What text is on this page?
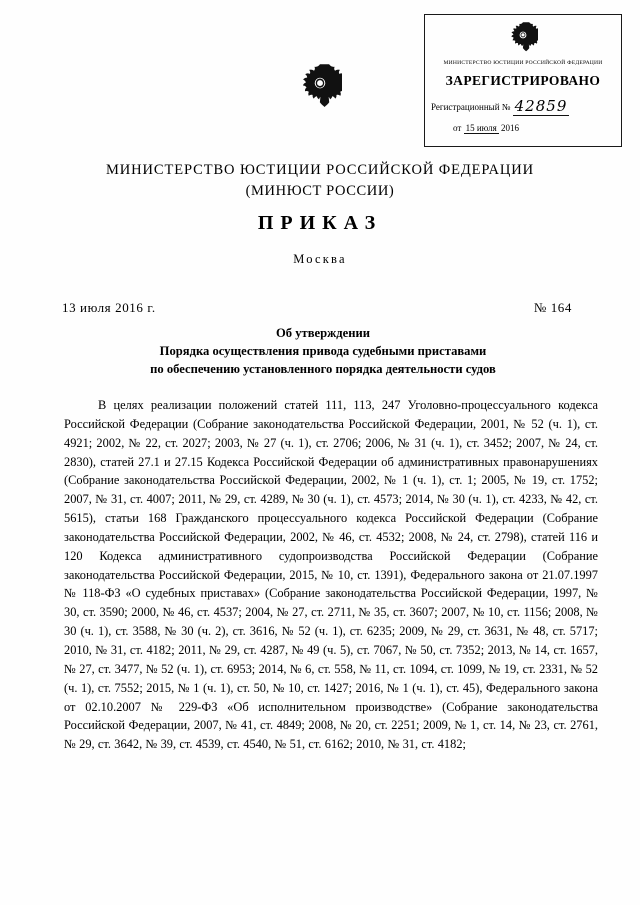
МИНИСТЕРСТВО ЮСТИЦИИ РОССИЙСКОЙ ФЕДЕРАЦИИ
ЗАРЕГИСТРИРОВАНО
Регистрационный № 42859
от 15 июля 2016
МИНИСТЕРСТВО ЮСТИЦИИ РОССИЙСКОЙ ФЕДЕРАЦИИ
(МИНЮСТ РОССИИ)
ПРИКАЗ
Москва
13 июля 2016 г.	№ 164
Об утверждении
Порядка осуществления привода судебными приставами
по обеспечению установленного порядка деятельности судов

В целях реализации положений статей 111, 113, 247 Уголовно-процессуального кодекса Российской Федерации (Собрание законодательства Российской Федерации, 2001, № 52 (ч. 1), ст. 4921; 2002, № 22, ст. 2027; 2003, № 27 (ч. 1), ст. 2706; 2006, № 31 (ч. 1), ст. 3452; 2007, № 24, ст. 2830), статей 27.1 и 27.15 Кодекса Российской Федерации об административных правонарушениях (Собрание законодательства Российской Федерации, 2002, № 1 (ч. 1), ст. 1; 2005, № 19, ст. 1752; 2007, № 31, ст. 4007; 2011, № 29, ст. 4289, № 30 (ч. 1), ст. 4573; 2014, № 30 (ч. 1), ст. 4233, № 42, ст. 5615), статьи 168 Гражданского процессуального кодекса Российской Федерации (Собрание законодательства Российской Федерации, 2002, № 46, ст. 4532; 2008, № 24, ст. 2798), статей 116 и 120 Кодекса административного судопроизводства Российской Федерации (Собрание законодательства Российской Федерации, 2015, № 10, ст. 1391), Федерального закона от 21.07.1997 № 118-ФЗ «О судебных приставах» (Собрание законодательства Российской Федерации, 1997, № 30, ст. 3590; 2000, № 46, ст. 4537; 2004, № 27, ст. 2711, № 35, ст. 3607; 2007, № 10, ст. 1156; 2008, № 30 (ч. 1), ст. 3588, № 30 (ч. 2), ст. 3616, № 52 (ч. 1), ст. 6235; 2009, № 29, ст. 3631, № 48, ст. 5717; 2010, № 31, ст. 4182; 2011, № 29, ст. 4287, № 49 (ч. 5), ст. 7067, № 50, ст. 7352; 2013, № 14, ст. 1657, № 27, ст. 3477, № 52 (ч. 1), ст. 6953; 2014, № 6, ст. 558, № 11, ст. 1094, ст. 1099, № 19, ст. 2331, № 52 (ч. 1), ст. 7552; 2015, № 1 (ч. 1), ст. 50, № 10, ст. 1427; 2016, № 1 (ч. 1), ст. 45), Федерального закона от 02.10.2007 № 229-ФЗ «Об исполнительном производстве» (Собрание законодательства Российской Федерации, 2007, № 41, ст. 4849; 2008, № 20, ст. 2251; 2009, № 1, ст. 14, № 23, ст. 2761, № 29, ст. 3642, № 39, ст. 4539, ст. 4540, № 51, ст. 6162; 2010, № 31, ст. 4182;
